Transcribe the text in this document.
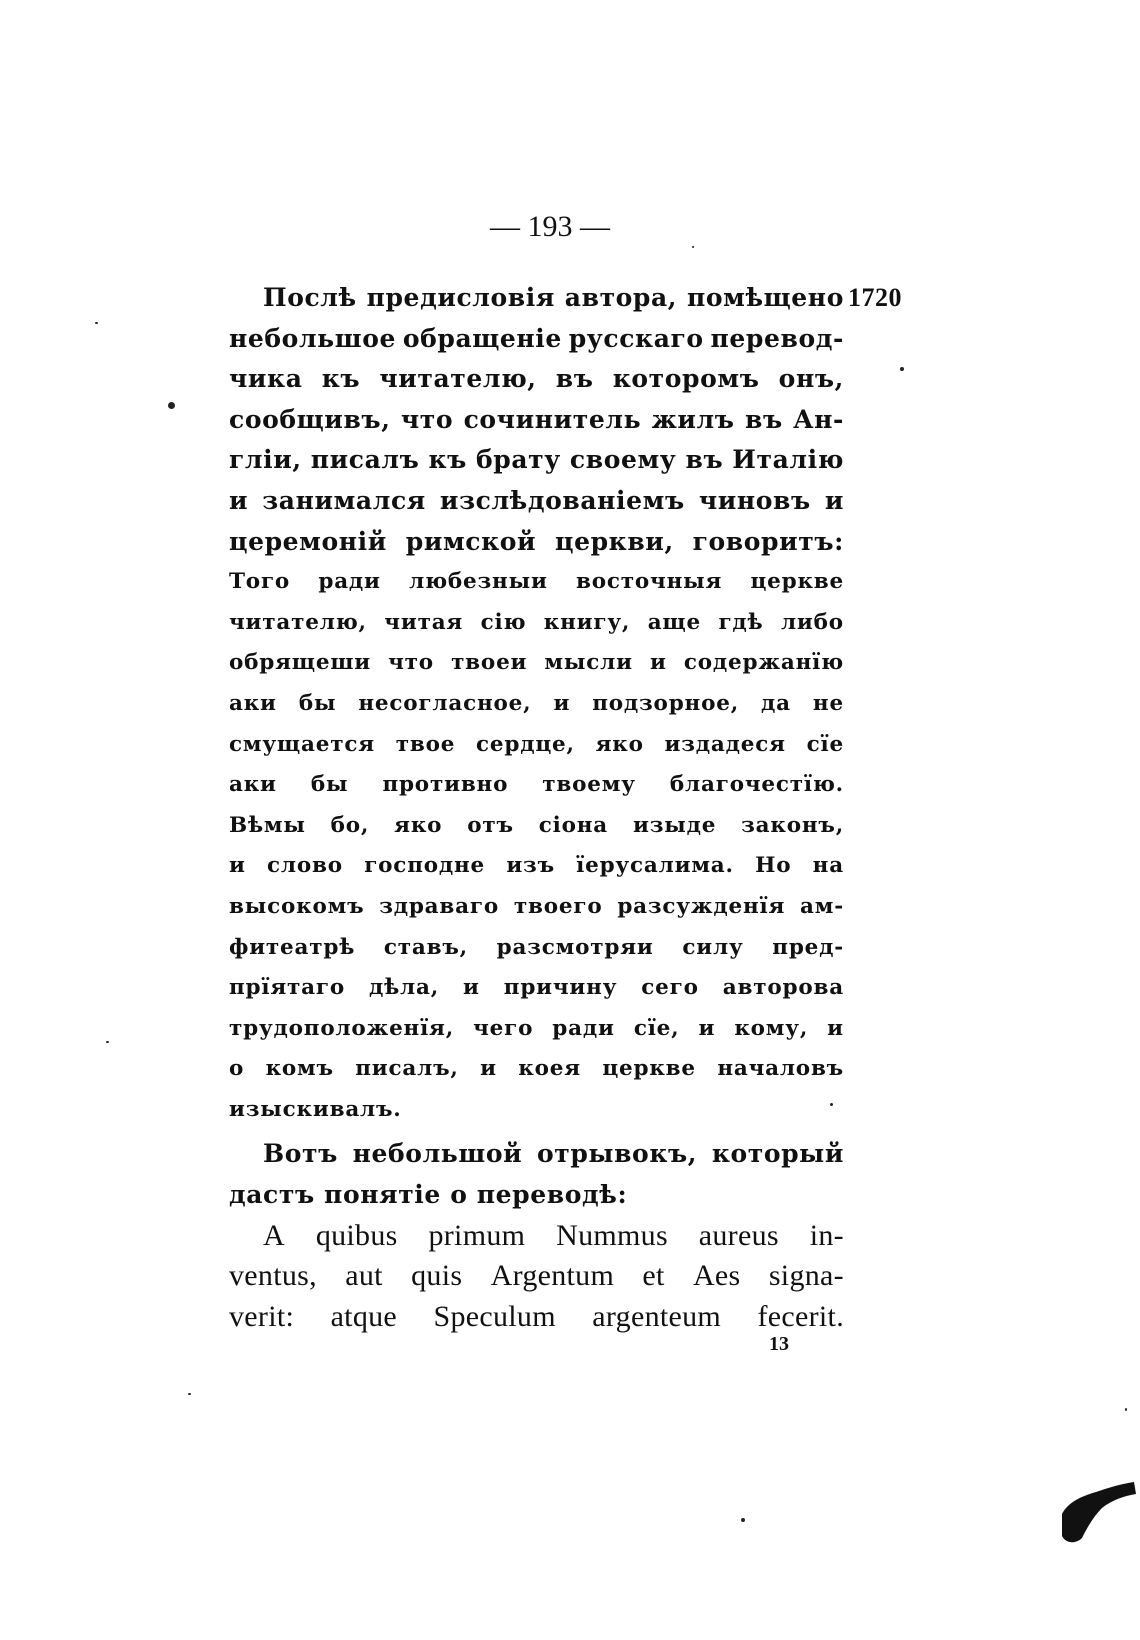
— 193 —
1720
Послѣ предисловія автора, помѣщено
небольшое обращеніе русскаго перевод-
чика къ читателю, въ которомъ онъ,
сообщивъ, что сочинитель жилъ въ Ан-
гліи, писалъ къ брату своему въ Италію
и занимался изслѣдованіемъ чиновъ и
церемоній римской церкви, говоритъ:
Того ради любезныи восточныя церкве
читателю, читая сію книгу, аще гдѣ либо
обрящеши что твоеи мысли и содержанїю
аки бы несогласное, и подзорное, да не
смущается твое сердце, яко издадеся сїе
аки бы противно твоему благочестїю.
Вѣмы бо, яко отъ сіона изыде законъ,
и слово господне изъ їерусалима. Но на
высокомъ здраваго твоего разсужденїя ам-
фитеатрѣ ставъ, разсмотряи силу пред-
прїятаго дѣла, и причину сего авторова
трудоположенїя, чего ради сїе, и кому, и
о комъ писалъ, и коея церкве началовъ
изыскивалъ.
Вотъ небольшой отрывокъ, который
дастъ понятіе о переводѣ:
A quibus primum Nummus aureus in-
ventus, aut quis Argentum et Aes signa-
verit: atque Speculum argenteum fecerit.
13
